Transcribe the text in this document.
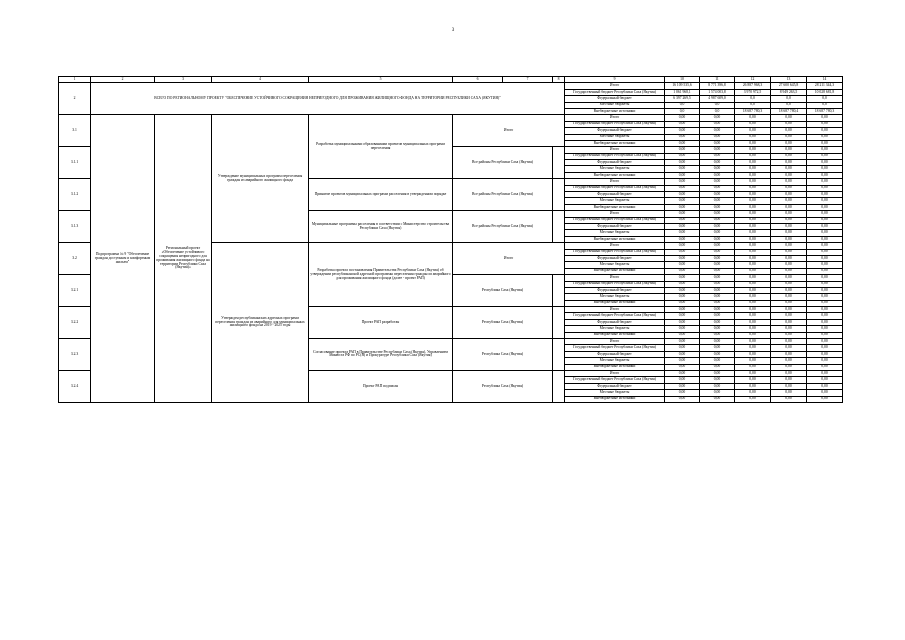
3
1	2	3	4	5	6	7	8	9	10	11	12	13	14
2	ВСЕГО ПО РЕГИОНАЛЬНОМУ ПРОЕКТУ "ОБЕСПЕЧЕНИЕ УСТОЙЧИВОГО СОКРАЩЕНИЯ НЕПРИГОДНОГО ДЛЯ ПРОЖИВАНИЯ ЖИЛИЩНОГО ФОНДА НА ТЕРРИТОРИИ РЕСПУБЛИКИ САХА (ЯКУТИЯ)"							Итого	16 109 535,6	8 771 396,8	26 887 968,3	27 600 645,8	28 211 344,3
								Государственный бюджет Республики Саха (Якутия)	1 061 968,1	1 574 003,8	3 970 972,5	8 949 263,5	10 028 681,8
								Федеральный бюджет	6 397 269,5	4 987 609,0	0,0	0,0	0,0
								Местные бюджеты	0,0	0,0	0,0	0,0	0,0
								Внебюджетные источники	0,0	0,0	18 687 780,3	18 687 780,4	18 687 780,3
3.1	Подпрограмма № 9 "Обеспечение граждан доступным и комфортным жильем"	Региональный проект «Обеспечение устойчивого сокращения непригодного для проживания жилищного фонда на территории Республики Саха (Якутия)»	Утверждение муниципальных программ переселения граждан из аварийного жилищного фонда	Разработка муниципальными образованиями проектов муниципальных программ переселения	Итого			Итого	0,00	0,00	0,00	0,00	0,00
								Государственный бюджет Республики Саха (Якутия)	0,00	0,00	0,00	0,00	0,00
								Федеральный бюджет	0,00	0,00	0,00	0,00	0,00
								Местные бюджеты	0,00	0,00	0,00	0,00	0,00
								Внебюджетные источники	0,00	0,00	0,00	0,00	0,00
3.1.1					Все районы Республики Саха (Якутия)			Итого	0,00	0,00	0,00	0,00	0,00
								Государственный бюджет Республики Саха (Якутия)	0,00	0,00	0,00	0,00	0,00
								Федеральный бюджет	0,00	0,00	0,00	0,00	0,00
								Местные бюджеты	0,00	0,00	0,00	0,00	0,00
								Внебюджетные источники	0,00	0,00	0,00	0,00	0,00
3.1.2				Принятие проектов муниципальных программ расселения в утвержденном порядке	Все районы Республики Саха (Якутия)			Итого	0,00	0,00	0,00	0,00	0,00
								Государственный бюджет Республики Саха (Якутия)	0,00	0,00	0,00	0,00	0,00
								Федеральный бюджет	0,00	0,00	0,00	0,00	0,00
								Местные бюджеты	0,00	0,00	0,00	0,00	0,00
								Внебюджетные источники	0,00	0,00	0,00	0,00	0,00
3.1.3				Муниципальные программы расселения в соответствии с Министерство строительства Республики Саха (Якутия)	Все районы Республики Саха (Якутия)			Итого	0,00	0,00	0,00	0,00	0,00
								Государственный бюджет Республики Саха (Якутия)	0,00	0,00	0,00	0,00	0,00
								Федеральный бюджет	0,00	0,00	0,00	0,00	0,00
								Местные бюджеты	0,00	0,00	0,00	0,00	0,00
								Внебюджетные источники	0,00	0,00	0,00	0,00	0,00
3.2			Утвержден республиканских адресных программ переселения граждан из аварийного для муниципальных жилищного фонда на 2019 - 2025 годы	Разработка проекта постановления Правительства Республики Саха (Якутия) об утверждении республиканской адресной программы переселения граждан из аварийного для проживания жилищного фонда (далее - проект РАП)	Итого			Итого	0,00	0,00	0,00	0,00	0,00
								Государственный бюджет Республики Саха (Якутия)	0,00	0,00	0,00	0,00	0,00
								Федеральный бюджет	0,00	0,00	0,00	0,00	0,00
								Местные бюджеты	0,00	0,00	0,00	0,00	0,00
								Внебюджетные источники	0,00	0,00	0,00	0,00	0,00
3.2.1					Республика Саха (Якутия)			Итого	0,00	0,00	0,00	0,00	0,00
								Государственный бюджет Республики Саха (Якутия)	0,00	0,00	0,00	0,00	0,00
								Федеральный бюджет	0,00	0,00	0,00	0,00	0,00
								Местные бюджеты	0,00	0,00	0,00	0,00	0,00
								Внебюджетные источники	0,00	0,00	0,00	0,00	0,00
3.2.2				Проект РАП разработан	Республика Саха (Якутия)			Итого	0,00	0,00	0,00	0,00	0,00
								Государственный бюджет Республики Саха (Якутия)	0,00	0,00	0,00	0,00	0,00
								Федеральный бюджет	0,00	0,00	0,00	0,00	0,00
								Местные бюджеты	0,00	0,00	0,00	0,00	0,00
								Внебюджетные источники	0,00	0,00	0,00	0,00	0,00
3.2.3				Согласование проекта РАП в Правительстве Республики Саха (Якутия), Управлением Минюста РФ по РС(Я) и Прокуратуре Республики Саха (Якутия)	Республика Саха (Якутия)			Итого	0,00	0,00	0,00	0,00	0,00
								Государственный бюджет Республики Саха (Якутия)	0,00	0,00	0,00	0,00	0,00
								Федеральный бюджет	0,00	0,00	0,00	0,00	0,00
								Местные бюджеты	0,00	0,00	0,00	0,00	0,00
								Внебюджетные источники	0,00	0,00	0,00	0,00	0,00
3.2.4				Проект РАП подписан	Республика Саха (Якутия)			Итого	0,00	0,00	0,00	0,00	0,00
								Государственный бюджет Республики Саха (Якутия)	0,00	0,00	0,00	0,00	0,00
								Федеральный бюджет	0,00	0,00	0,00	0,00	0,00
								Местные бюджеты	0,00	0,00	0,00	0,00	0,00
								Внебюджетные источники	0,00	0,00	0,00	0,00	0,00
